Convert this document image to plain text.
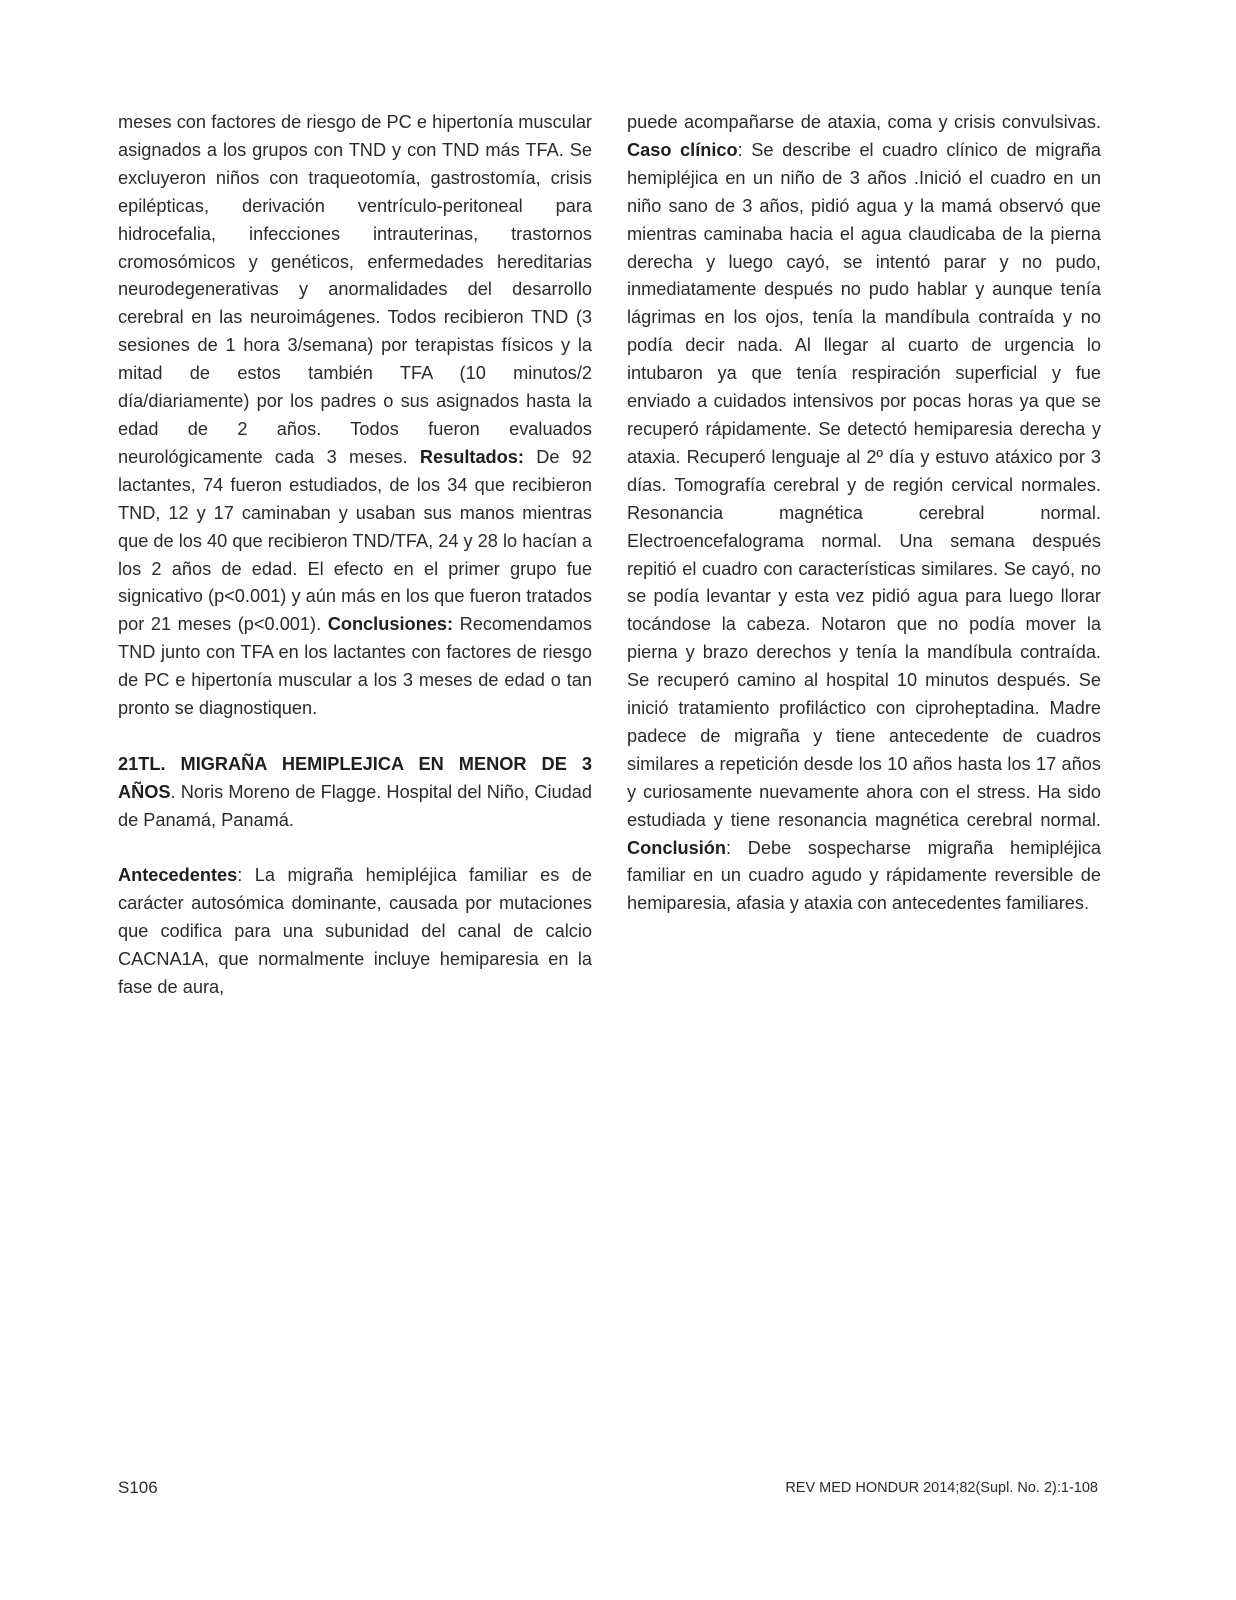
meses con factores de riesgo de PC e hipertonía muscular asignados a los grupos con TND y con TND más TFA. Se excluyeron niños con traqueotomía, gastrostomía, crisis epilépticas, derivación ventrículo-peritoneal para hidrocefalia, infecciones intrauterinas, trastornos cromosómicos y genéticos, enfermedades hereditarias neurodegenerativas y anormalidades del desarrollo cerebral en las neuroimágenes. Todos recibieron TND (3 sesiones de 1 hora 3/semana) por terapistas físicos y la mitad de estos también TFA (10 minutos/2 día/diariamente) por los padres o sus asignados hasta la edad de 2 años. Todos fueron evaluados neurológicamente cada 3 meses. Resultados: De 92 lactantes, 74 fueron estudiados, de los 34 que recibieron TND, 12 y 17 caminaban y usaban sus manos mientras que de los 40 que recibieron TND/TFA, 24 y 28 lo hacían a los 2 años de edad. El efecto en el primer grupo fue signicativo (p<0.001) y aún más en los que fueron tratados por 21 meses (p<0.001). Conclusiones: Recomendamos TND junto con TFA en los lactantes con factores de riesgo de PC e hipertonía muscular a los 3 meses de edad o tan pronto se diagnostiquen.

21TL. MIGRAÑA HEMIPLEJICA EN MENOR DE 3 AÑOS. Noris Moreno de Flagge. Hospital del Niño, Ciudad de Panamá, Panamá.

Antecedentes: La migraña hemipléjica familiar es de carácter autosómica dominante, causada por mutaciones que codifica para una subunidad del canal de calcio CACNA1A, que normalmente incluye hemiparesia en la fase de aura,

puede acompañarse de ataxia, coma y crisis convulsivas. Caso clínico: Se describe el cuadro clínico de migraña hemipléjica en un niño de 3 años .Inició el cuadro en un niño sano de 3 años, pidió agua y la mamá observó que mientras caminaba hacia el agua claudicaba de la pierna derecha y luego cayó, se intentó parar y no pudo, inmediatamente después no pudo hablar y aunque tenía lágrimas en los ojos, tenía la mandíbula contraída y no podía decir nada. Al llegar al cuarto de urgencia lo intubaron ya que tenía respiración superficial y fue enviado a cuidados intensivos por pocas horas ya que se recuperó rápidamente. Se detectó hemiparesia derecha y ataxia. Recuperó lenguaje al 2º día y estuvo atáxico por 3 días. Tomografía cerebral y de región cervical normales. Resonancia magnética cerebral normal. Electroencefalograma normal. Una semana después repitió el cuadro con características similares. Se cayó, no se podía levantar y esta vez pidió agua para luego llorar tocándose la cabeza. Notaron que no podía mover la pierna y brazo derechos y tenía la mandíbula contraída. Se recuperó camino al hospital 10 minutos después. Se inició tratamiento profiláctico con ciproheptadina. Madre padece de migraña y tiene antecedente de cuadros similares a repetición desde los 10 años hasta los 17 años y curiosamente nuevamente ahora con el stress. Ha sido estudiada y tiene resonancia magnética cerebral normal. Conclusión: Debe sospecharse migraña hemipléjica familiar en un cuadro agudo y rápidamente reversible de hemiparesia, afasia y ataxia con antecedentes familiares.

S106	REV MED HONDUR 2014;82(Supl. No. 2):1-108
